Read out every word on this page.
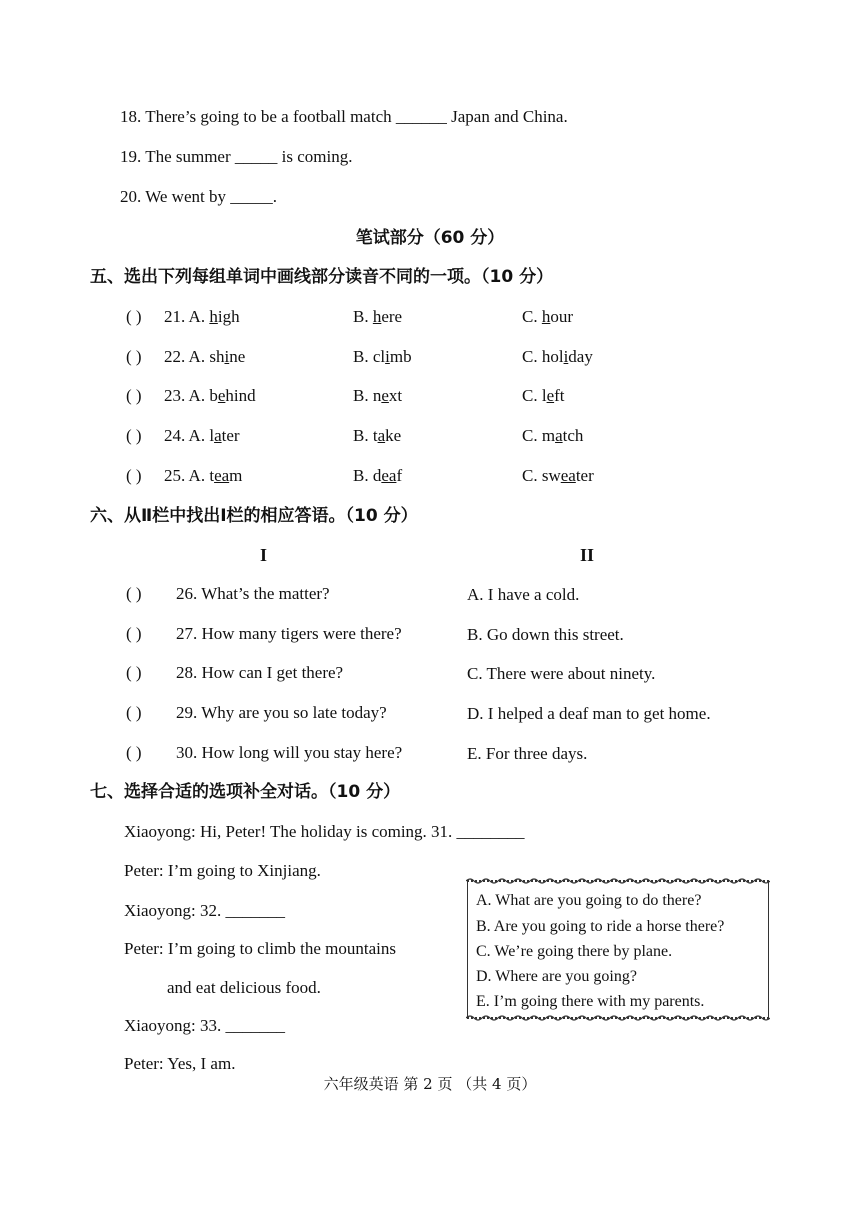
18. There’s going to be a football match ______ Japan and China.
19. The summer _____ is coming.
20. We went by _____.
笔试部分（60 分）
五、选出下列每组单词中画线部分读音不同的一项。（10 分）
( ) 21. A. high	B. here	C. hour
( ) 22. A. shine	B. climb	C. holiday
( ) 23. A. behind	B. next	C. left
( ) 24. A. later	B. take	C. match
( ) 25. A. team	B. deaf	C. sweater
六、从Ⅱ栏中找出Ⅰ栏的相应答语。（10 分）
I	II
( ) 26. What’s the matter?	A. I have a cold.
( ) 27. How many tigers were there?	B. Go down this street.
( ) 28. How can I get there?	C. There were about ninety.
( ) 29. Why are you so late today?	D. I helped a deaf man to get home.
( ) 30. How long will you stay here?	E. For three days.
七、选择合适的选项补全对话。（10 分）
Xiaoyong: Hi, Peter! The holiday is coming. 31. ________
Peter: I’m going to Xinjiang.
Xiaoyong: 32. _______
Peter: I’m going to climb the mountains
and eat delicious food.
Xiaoyong: 33. _______
Peter: Yes, I am.
A. What are you going to do there?
B. Are you going to ride a horse there?
C. We’re going there by plane.
D. Where are you going?
E. I’m going there with my parents.
六年级英语 第 2 页 （共 4 页）
